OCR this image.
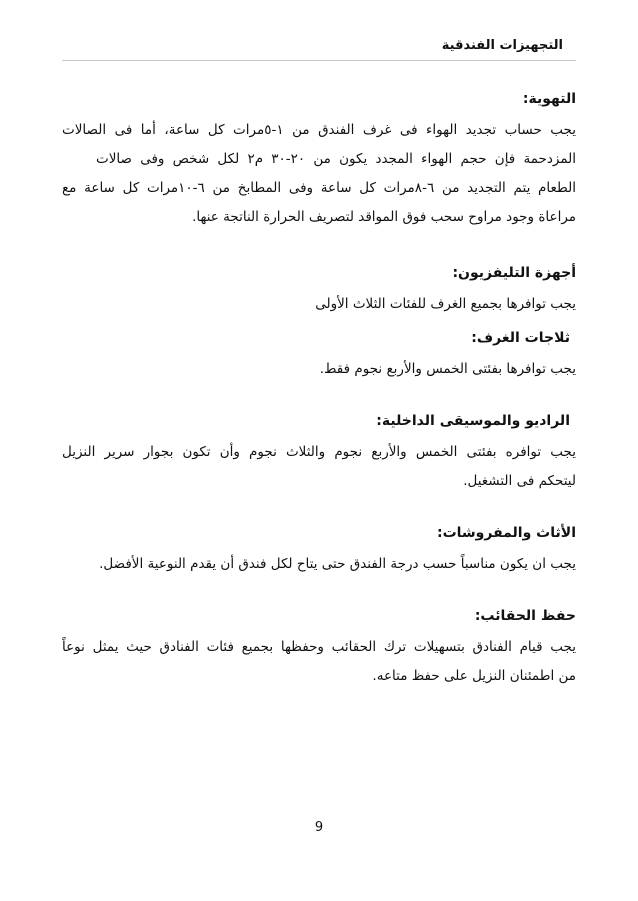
التجهيزات الفندقية
التهوية:

يجب حساب تجديد الهواء فى غرف الفندق من ١-٥مرات كل ساعة، أما فى الصالات
المزدحمة فإن حجم الهواء المجدد يكون من ٢٠-٣٠ م٢ لكل شخص وفى صالات
الطعام يتم التجديد من ٦-٨مرات كل ساعة وفى المطابخ من ٦-١٠مرات كل ساعة مع
مراعاة وجود مراوح سحب فوق المواقد لتصريف الحرارة الناتجة عنها.

أجهزة التليفزيون:

يجب توافرها بجميع الغرف للفئات الثلاث الأولى

ثلاجات الغرف:

يجب توافرها بفئتى الخمس والأربع نجوم فقط.

الراديو والموسيقى الداخلية:

يجب توافره بفئتى الخمس والأربع نجوم والثلاث نجوم وأن تكون بجوار سرير النزيل
ليتحكم فى التشغيل.

الأثاث والمفروشات:

يجب ان يكون مناسباً حسب درجة الفندق حتى يتاح لكل فندق أن يقدم النوعية الأفضل.

حفظ الحقائب:

يجب قيام الفنادق بتسهيلات ترك الحقائب وحفظها بجميع فئات الفنادق حيث يمثل نوعاً
من اطمئنان النزيل على حفظ متاعه.

9
